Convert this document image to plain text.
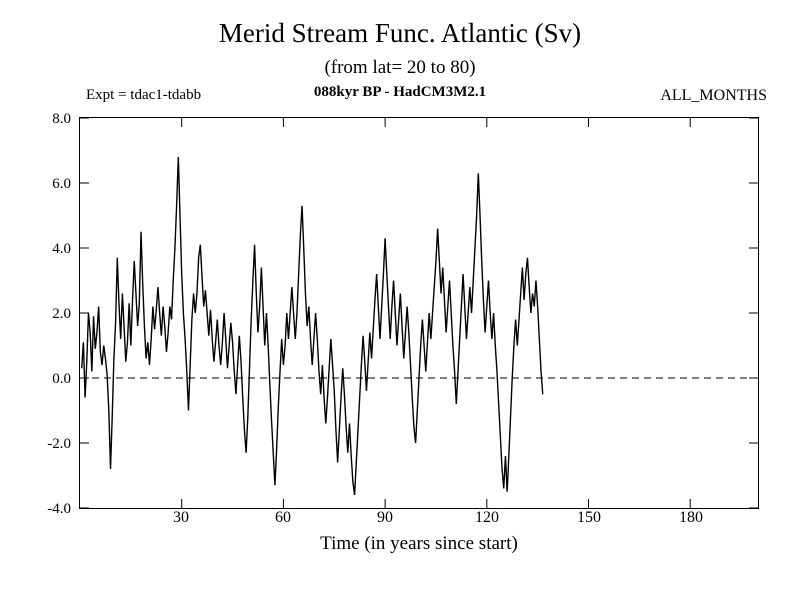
Merid Stream Func. Atlantic (Sv)
(from lat= 20 to 80)
Expt = tdac1-tdabb	088kyr BP - HadCM3M2.1	ALL_MONTHS
8.0
6.0
4.0
2.0
0.0
-2.0
-4.0	30	60	90	120	150	180
Time (in years since start)
